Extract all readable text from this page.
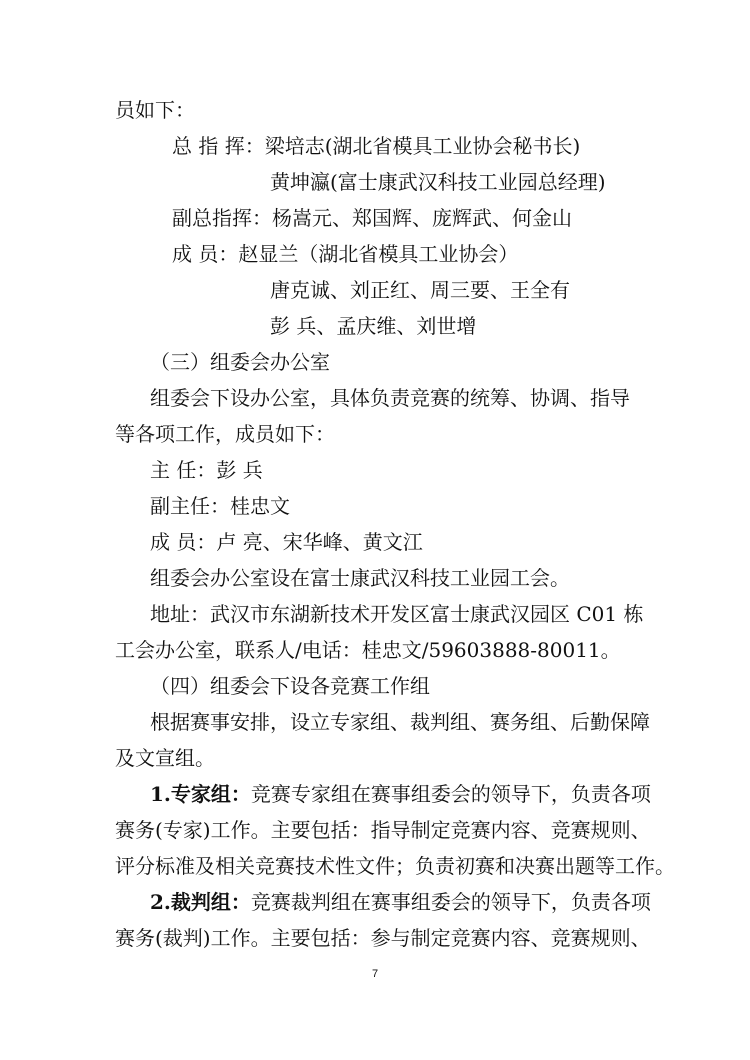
员如下：
总 指 挥：梁培志(湖北省模具工业协会秘书长)
黄坤瀛(富士康武汉科技工业园总经理)
副总指挥：杨嵩元、郑国辉、庞辉武、何金山
成 员：赵显兰（湖北省模具工业协会）
唐克诚、刘正红、周三要、王全有
彭 兵、孟庆维、刘世增
（三）组委会办公室
组委会下设办公室，具体负责竞赛的统筹、协调、指导
等各项工作，成员如下：
主 任：彭 兵
副主任：桂忠文
成 员：卢 亮、宋华峰、黄文江
组委会办公室设在富士康武汉科技工业园工会。
地址：武汉市东湖新技术开发区富士康武汉园区 C01 栋
工会办公室，联系人/电话：桂忠文/59603888-80011。
（四）组委会下设各竞赛工作组
根据赛事安排，设立专家组、裁判组、赛务组、后勤保障
及文宣组。
1.专家组：竞赛专家组在赛事组委会的领导下，负责各项
赛务(专家)工作。主要包括：指导制定竞赛内容、竞赛规则、
评分标准及相关竞赛技术性文件；负责初赛和决赛出题等工作。
2.裁判组：竞赛裁判组在赛事组委会的领导下，负责各项
赛务(裁判)工作。主要包括：参与制定竞赛内容、竞赛规则、
7
